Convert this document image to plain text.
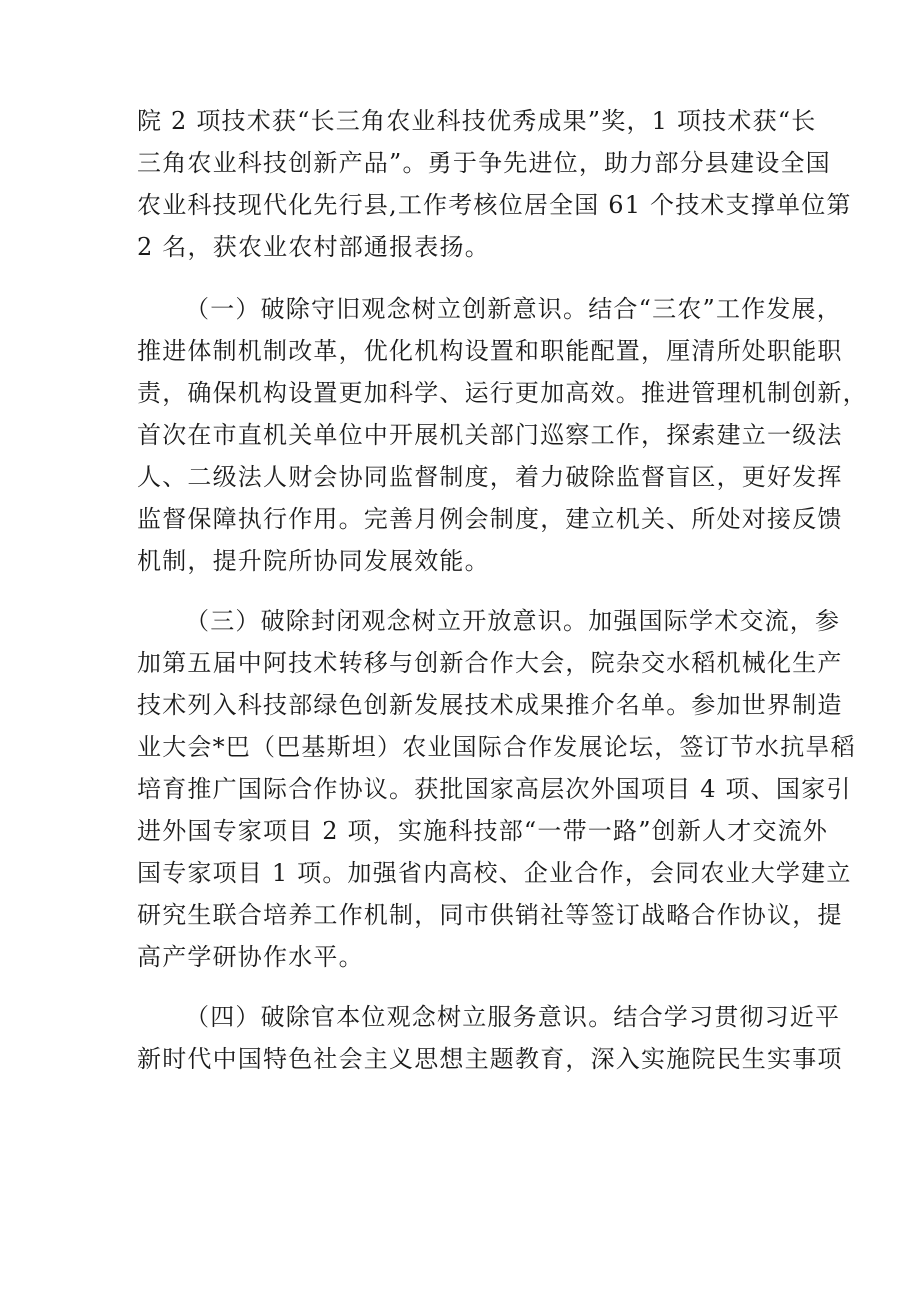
院 2 项技术获“长三角农业科技优秀成果”奖，1 项技术获“长
三角农业科技创新产品”。勇于争先进位，助力部分县建设全国
农业科技现代化先行县,工作考核位居全国 61 个技术支撑单位第
2 名，获农业农村部通报表扬。
（一）破除守旧观念树立创新意识。结合“三农”工作发展，
推进体制机制改革，优化机构设置和职能配置，厘清所处职能职
责，确保机构设置更加科学、运行更加高效。推进管理机制创新，
首次在市直机关单位中开展机关部门巡察工作，探索建立一级法
人、二级法人财会协同监督制度，着力破除监督盲区，更好发挥
监督保障执行作用。完善月例会制度，建立机关、所处对接反馈
机制，提升院所协同发展效能。
（三）破除封闭观念树立开放意识。加强国际学术交流，参
加第五届中阿技术转移与创新合作大会，院杂交水稻机械化生产
技术列入科技部绿色创新发展技术成果推介名单。参加世界制造
业大会*巴（巴基斯坦）农业国际合作发展论坛，签订节水抗旱稻
培育推广国际合作协议。获批国家高层次外国项目 4 项、国家引
进外国专家项目 2 项，实施科技部“一带一路”创新人才交流外
国专家项目 1 项。加强省内高校、企业合作，会同农业大学建立
研究生联合培养工作机制，同市供销社等签订战略合作协议，提
高产学研协作水平。
（四）破除官本位观念树立服务意识。结合学习贯彻习近平
新时代中国特色社会主义思想主题教育，深入实施院民生实事项
